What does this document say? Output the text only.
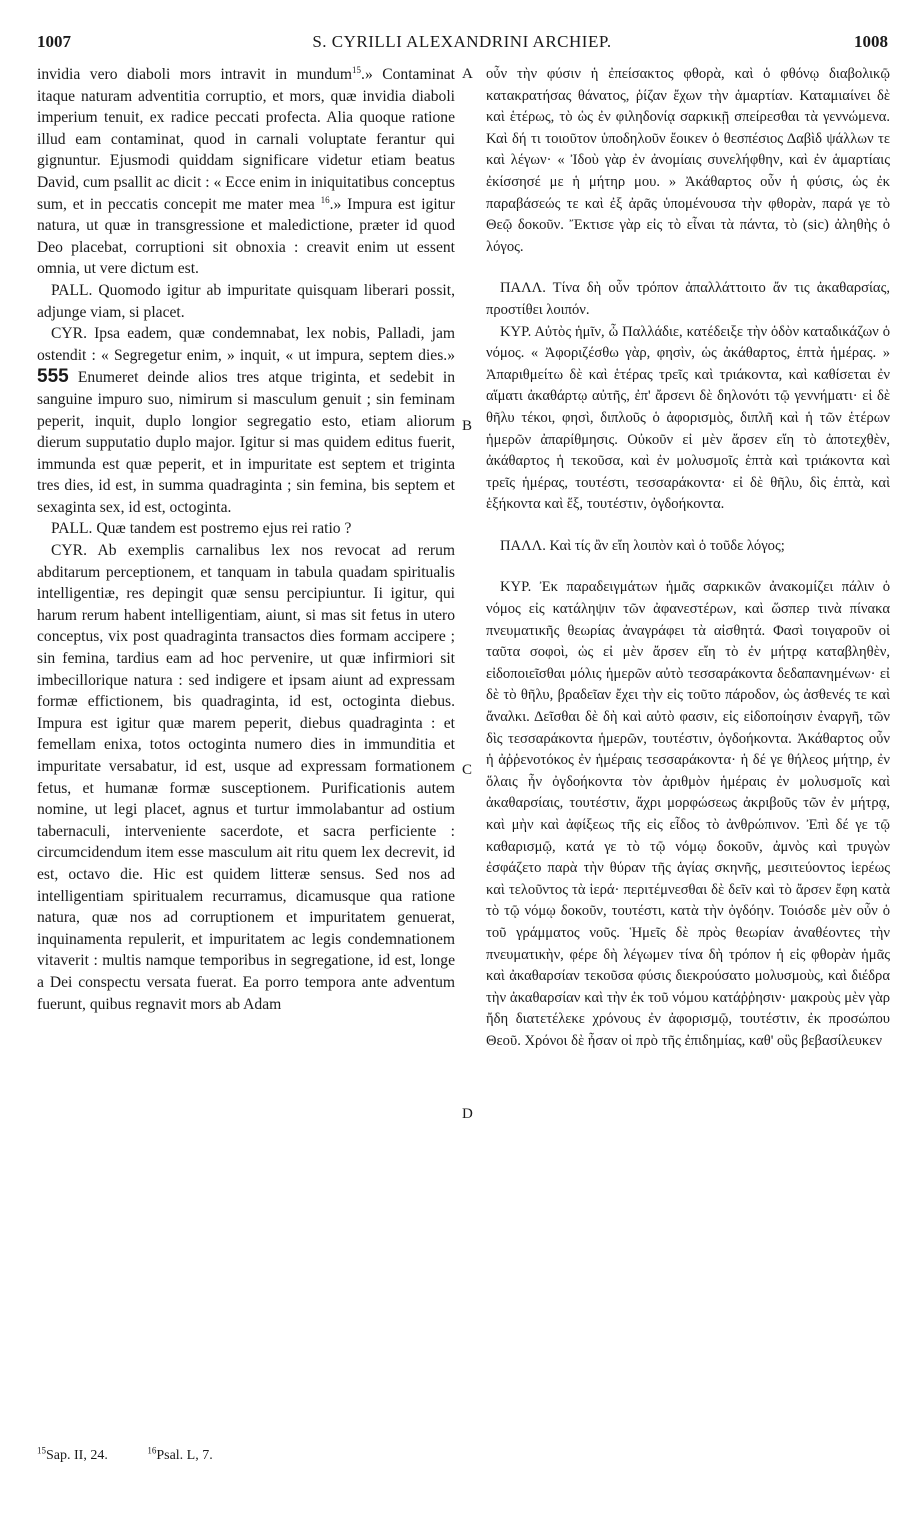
1007	S. CYRILLI ALEXANDRINI ARCHIEP.	1008

invidia vero diaboli mors intravit in mundum$^{15}$.» Contaminat itaque naturam adventitia corruptio, et mors, quæ invidia diaboli imperium tenuit, ex radice peccati profecta. Alia quoque ratione illud eam contaminat, quod in carnali voluptate ferantur qui gignuntur. Ejusmodi quiddam significare videtur etiam beatus David, cum psallit ac dicit : « Ecce enim in iniquitatibus conceptus sum, et in peccatis concepit me mater mea $^{16}$.» Impura est igitur natura, ut quæ in transgressione et maledictione, præter id quod Deo placebat, corruptioni sit obnoxia : creavit enim ut essent omnia, ut vere dictum est.

PALL. Quomodo igitur ab impuritate quisquam liberari possit, adjunge viam, si placet.

CYR. Ipsa eadem, quæ condemnabat, lex nobis, Palladi, jam ostendit : « Segregetur enim, » inquit, « ut impura, septem dies.» 555 Enumeret deinde alios tres atque triginta, et sedebit in sanguine impuro suo, nimirum si masculum genuit ; sin feminam peperit, inquit, duplo longior segregatio esto, etiam aliorum dierum supputatio duplo major. Igitur si mas quidem editus fuerit, immunda est quæ peperit, et in impuritate est septem et triginta tres dies, id est, in summa quadraginta ; sin femina, bis septem et sexaginta sex, id est, octoginta.

PALL. Quæ tandem est postremo ejus rei ratio ?

CYR. Ab exemplis carnalibus lex nos revocat ad rerum abditarum perceptionem, et tanquam in tabula quadam spiritualis intelligentiæ, res depingit quæ sensu percipiuntur. Ii igitur, qui harum rerum habent intelligentiam, aiunt, si mas sit fetus in utero conceptus, vix post quadraginta transactos dies formam accipere ; sin femina, tardius eam ad hoc pervenire, ut quæ infirmiori sit imbecillorique natura : sed indigere et ipsam aiunt ad expressam formæ effictionem, bis quadraginta, id est, octoginta diebus. Impura est igitur quæ marem peperit, diebus quadraginta : et femellam enixa, totos octoginta numero dies in immunditia et impuritate versabatur, id est, usque ad expressam formationem fetus, et humanæ formæ susceptionem. Purificationis autem nomine, ut legi placet, agnus et turtur immolabantur ad ostium tabernaculi, interveniente sacerdote, et sacra perficiente : circumcidendum item esse masculum ait ritu quem lex decrevit, id est, octavo die. Hic est quidem litteræ sensus. Sed nos ad intelligentiam spiritualem recurramus, dicamusque qua ratione natura, quæ nos ad corruptionem et impuritatem genuerat, inquinamenta repulerit, et impuritatem ac legis condemnationem vitaverit : multis namque temporibus in segregatione, id est, longe a Dei conspectu versata fuerat. Ea porro tempora ante adventum fuerunt, quibus regnavit mors ab Adam

A
B
C
D

οὖν τὴν φύσιν ἡ ἐπείσακτος φθορὰ, καὶ ὁ φθόνῳ διαβολικῷ κατακρατήσας θάνατος, ῥίζαν ἔχων τὴν ἁμαρτίαν. Καταμιαίνει δὲ καὶ ἑτέρως, τὸ ὡς ἐν φιληδονίᾳ σαρκικῇ σπείρεσθαι τὰ γεννώμενα. Καὶ δή τι τοιοῦτον ὑποδηλοῦν ἔοικεν ὁ θεσπέσιος Δαβὶδ ψάλλων τε καὶ λέγων· « Ἰδοὺ γὰρ ἐν ἀνομίαις συνελήφθην, καὶ ἐν ἁμαρτίαις ἐκίσσησέ με ἡ μήτηρ μου. » Ἀκάθαρτος οὖν ἡ φύσις, ὡς ἐκ παραβάσεώς τε καὶ ἐξ ἀρᾶς ὑπομένουσα τὴν φθορὰν, παρά γε τὸ Θεῷ δοκοῦν. Ἔκτισε γὰρ εἰς τὸ εἶναι τὰ πάντα, τὸ (sic) ἀληθὴς ὁ λόγος.

ΠΑΛΛ. Τίνα δὴ οὖν τρόπον ἀπαλλάττοιτο ἄν τις ἀκαθαρσίας, προστίθει λοιπόν.

ΚΥΡ. Αὐτὸς ἡμῖν, ὦ Παλλάδιε, κατέδειξε τὴν ὁδὸν καταδικάζων ὁ νόμος. « Ἀφοριζέσθω γὰρ, φησὶν, ὡς ἀκάθαρτος, ἑπτὰ ἡμέρας. » Ἀπαριθμείτω δὲ καὶ ἑτέρας τρεῖς καὶ τριάκοντα, καὶ καθίσεται ἐν αἵματι ἀκαθάρτῳ αὐτῆς, ἐπ' ἄρσενι δὲ δηλονότι τῷ γεννήματι· εἰ δὲ θῆλυ τέκοι, φησὶ, διπλοῦς ὁ ἀφορισμὸς, διπλῆ καὶ ἡ τῶν ἑτέρων ἡμερῶν ἀπαρίθμησις. Οὐκοῦν εἰ μὲν ἄρσεν εἴη τὸ ἀποτεχθὲν, ἀκάθαρτος ἡ τεκοῦσα, καὶ ἐν μολυσμοῖς ἑπτὰ καὶ τριάκοντα καὶ τρεῖς ἡμέρας, τουτέστι, τεσσαράκοντα· εἰ δὲ θῆλυ, δὶς ἑπτὰ, καὶ ἑξήκοντα καὶ ἕξ, τουτέστιν, ὀγδοήκοντα.

ΠΑΛΛ. Καὶ τίς ἂν εἴη λοιπὸν καὶ ὁ τοῦδε λόγος;

ΚΥΡ. Ἐκ παραδειγμάτων ἡμᾶς σαρκικῶν ἀνακομίζει πάλιν ὁ νόμος εἰς κατάληψιν τῶν ἀφανεστέρων, καὶ ὥσπερ τινὰ πίνακα πνευματικῆς θεωρίας ἀναγράφει τὰ αἰσθητά. Φασὶ τοιγαροῦν οἱ ταῦτα σοφοὶ, ὡς εἰ μὲν ἄρσεν εἴη τὸ ἐν μήτρᾳ καταβληθὲν, εἰδοποιεῖσθαι μόλις ἡμερῶν αὐτὸ τεσσαράκοντα δεδαπανημένων· εἰ δὲ τὸ θῆλυ, βραδεῖαν ἔχει τὴν εἰς τοῦτο πάροδον, ὡς ἀσθενές τε καὶ ἄναλκι. Δεῖσθαι δὲ δὴ καὶ αὐτὸ φασιν, εἰς εἰδοποίησιν ἐναργῆ, τῶν δὶς τεσσαράκοντα ἡμερῶν, τουτέστιν, ὀγδοήκοντα. Ἀκάθαρτος οὖν ἡ ἀῤῥενοτόκος ἐν ἡμέραις τεσσαράκοντα· ἡ δέ γε θήλεος μήτηρ, ἐν ὅλαις ἦν ὀγδοήκοντα τὸν ἀριθμὸν ἡμέραις ἐν μολυσμοῖς καὶ ἀκαθαρσίαις, τουτέστιν, ἄχρι μορφώσεως ἀκριβοῦς τῶν ἐν μήτρᾳ, καὶ μὴν καὶ ἀφίξεως τῆς εἰς εἶδος τὸ ἀνθρώπινον. Ἐπὶ δέ γε τῷ καθαρισμῷ, κατά γε τὸ τῷ νόμῳ δοκοῦν, ἀμνὸς καὶ τρυγὼν ἐσφάζετο παρὰ τὴν θύραν τῆς ἁγίας σκηνῆς, μεσιτεύοντος ἱερέως καὶ τελοῦντος τὰ ἱερά· περιτέμνεσθαι δὲ δεῖν καὶ τὸ ἄρσεν ἔφη κατὰ τὸ τῷ νόμῳ δοκοῦν, τουτέστι, κατὰ τὴν ὀγδόην. Τοιόσδε μὲν οὖν ὁ τοῦ γράμματος νοῦς. Ἡμεῖς δὲ πρὸς θεωρίαν ἀναθέοντες τὴν πνευματικὴν, φέρε δὴ λέγωμεν τίνα δὴ τρόπον ἡ εἰς φθορὰν ἡμᾶς καὶ ἀκαθαρσίαν τεκοῦσα φύσις διεκρούσατο μολυσμοὺς, καὶ διέδρα τὴν ἀκαθαρσίαν καὶ τὴν ἐκ τοῦ νόμου κατάῤῥησιν· μακροὺς μὲν γὰρ ἤδη διατετέλεκε χρόνους ἐν ἀφορισμῷ, τουτέστιν, ἐκ προσώπου Θεοῦ. Χρόνοι δὲ ἦσαν οἱ πρὸ τῆς ἐπιδημίας, καθ' οὓς βεβασίλευκεν

$^{15}$Sap. II, 24.	$^{16}$Psal. L, 7.
